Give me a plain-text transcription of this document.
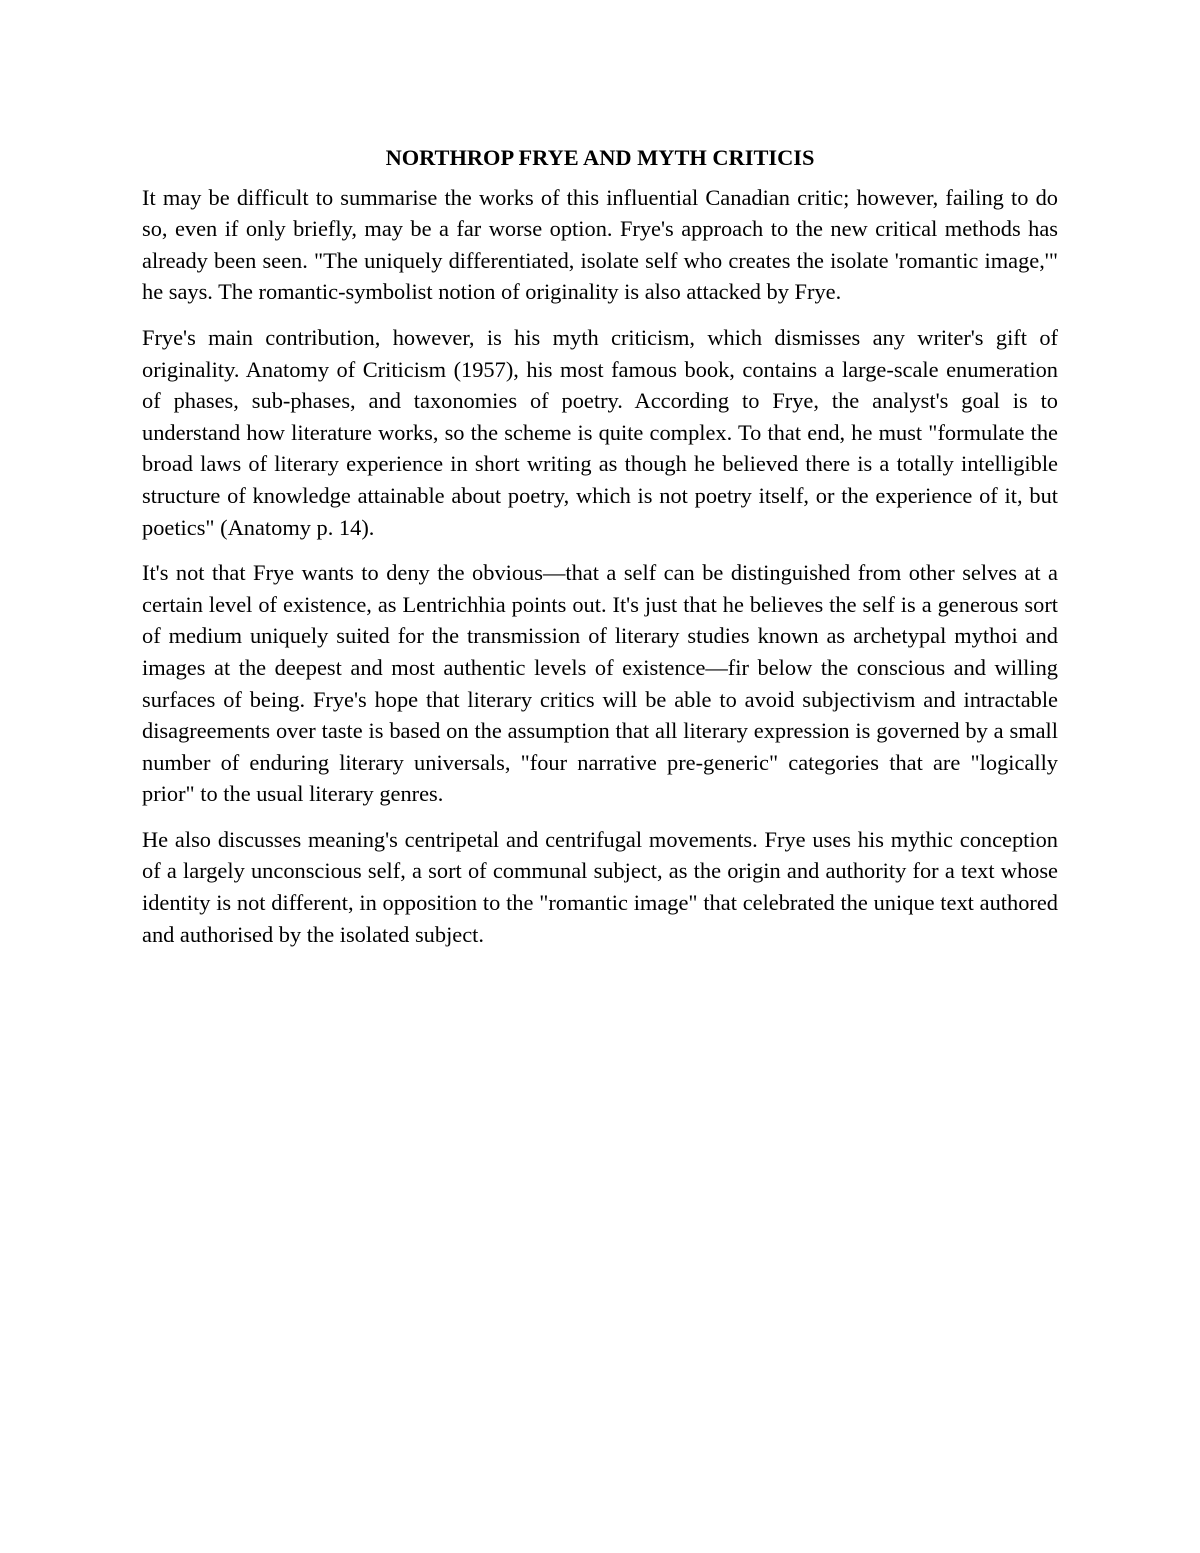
NORTHROP FRYE AND MYTH CRITICIS

It may be difficult to summarise the works of this influential Canadian critic; however, failing to do so, even if only briefly, may be a far worse option. Frye's approach to the new critical methods has already been seen. "The uniquely differentiated, isolate self who creates the isolate 'romantic image,'" he says. The romantic-symbolist notion of originality is also attacked by Frye.

Frye's main contribution, however, is his myth criticism, which dismisses any writer's gift of originality. Anatomy of Criticism (1957), his most famous book, contains a large-scale enumeration of phases, sub-phases, and taxonomies of poetry. According to Frye, the analyst's goal is to understand how literature works, so the scheme is quite complex. To that end, he must "formulate the broad laws of literary experience in short writing as though he believed there is a totally intelligible structure of knowledge attainable about poetry, which is not poetry itself, or the experience of it, but poetics" (Anatomy p. 14).

It's not that Frye wants to deny the obvious—that a self can be distinguished from other selves at a certain level of existence, as Lentrichhia points out. It's just that he believes the self is a generous sort of medium uniquely suited for the transmission of literary studies known as archetypal mythoi and images at the deepest and most authentic levels of existence—fir below the conscious and willing surfaces of being. Frye's hope that literary critics will be able to avoid subjectivism and intractable disagreements over taste is based on the assumption that all literary expression is governed by a small number of enduring literary universals, "four narrative pre-generic" categories that are "logically prior" to the usual literary genres.

He also discusses meaning's centripetal and centrifugal movements. Frye uses his mythic conception of a largely unconscious self, a sort of communal subject, as the origin and authority for a text whose identity is not different, in opposition to the "romantic image" that celebrated the unique text authored and authorised by the isolated subject.
